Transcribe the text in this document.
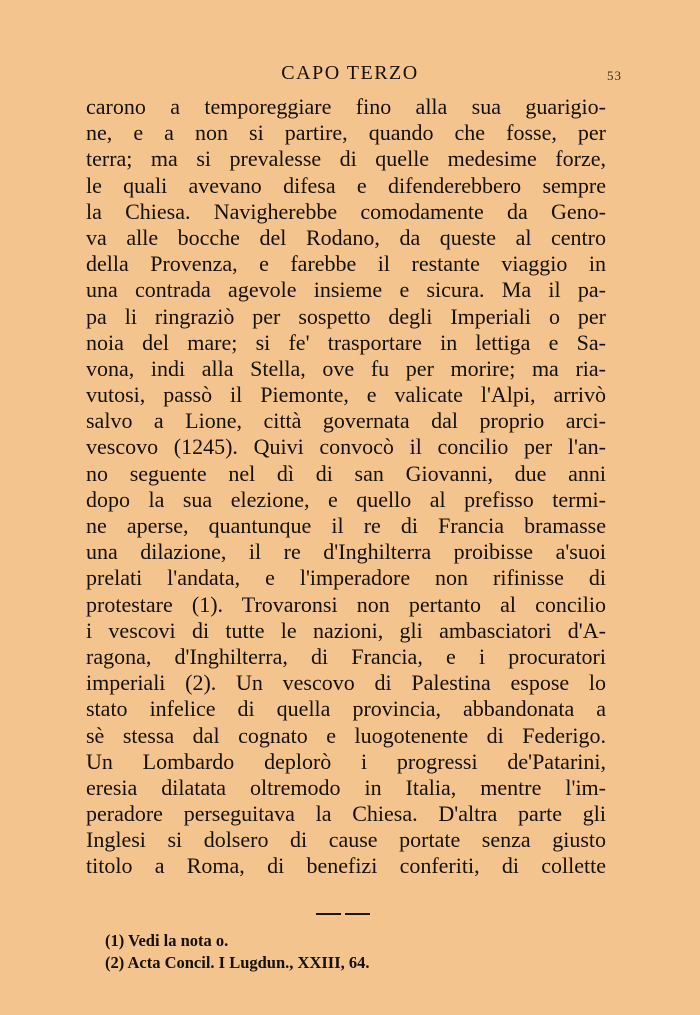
CAPO TERZO	53
carono a temporeggiare fino alla sua guarigio-
ne, e a non si partire, quando che fosse, per
terra; ma si prevalesse di quelle medesime forze,
le quali avevano difesa e difenderebbero sempre
la Chiesa. Navigherebbe comodamente da Geno-
va alle bocche del Rodano, da queste al centro
della Provenza, e farebbe il restante viaggio in
una contrada agevole insieme e sicura. Ma il pa-
pa li ringraziò per sospetto degli Imperiali o per
noia del mare; si fe' trasportare in lettiga e Sa-
vona, indi alla Stella, ove fu per morire; ma ria-
vutosi, passò il Piemonte, e valicate l'Alpi, arrivò
salvo a Lione, città governata dal proprio arci-
vescovo (1245). Quivi convocò il concilio per l'an-
no seguente nel dì di san Giovanni, due anni
dopo la sua elezione, e quello al prefisso termi-
ne aperse, quantunque il re di Francia bramasse
una dilazione, il re d'Inghilterra proibisse a'suoi
prelati l'andata, e l'imperadore non rifinisse di
protestare (1). Trovaronsi non pertanto al concilio
i vescovi di tutte le nazioni, gli ambasciatori d'A-
ragona, d'Inghilterra, di Francia, e i procuratori
imperiali (2). Un vescovo di Palestina espose lo
stato infelice di quella provincia, abbandonata a
sè stessa dal cognato e luogotenente di Federigo.
Un Lombardo deplorò i progressi de'Patarini,
eresia dilatata oltremodo in Italia, mentre l'im-
peradore perseguitava la Chiesa. D'altra parte gli
Inglesi si dolsero di cause portate senza giusto
titolo a Roma, di benefizi conferiti, di collette
(1) Vedi la nota o.
(2) Acta Concil. I Lugdun., XXIII, 64.
